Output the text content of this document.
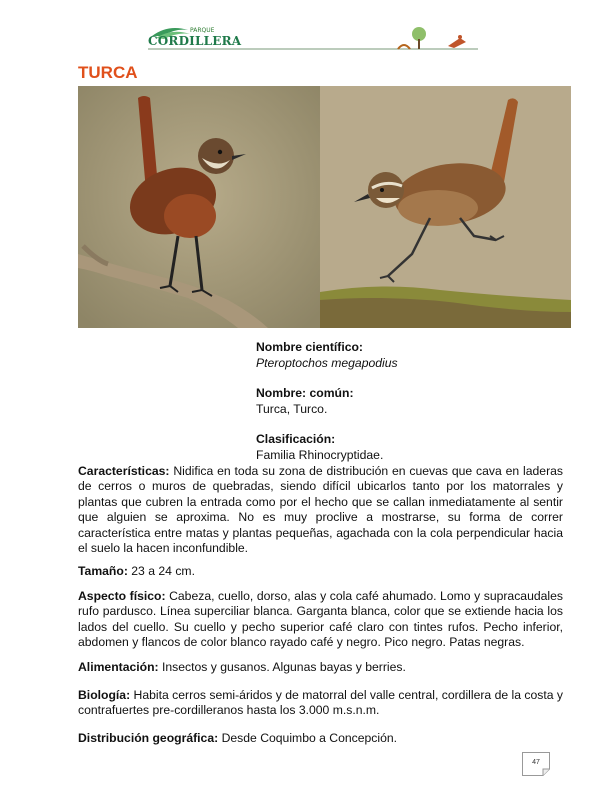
PARQUE
CORDILLERA
TURCA
Nombre científico:
Pteroptochos megapodius
Nombre: común:
Turca, Turco.
Clasificación:
Familia Rhinocryptidae.
Características: Nidifica en toda su zona de distribución en cuevas que cava en laderas de cerros o muros de quebradas, siendo difícil ubicarlos tanto por los matorrales y plantas que cubren la entrada como por el hecho que se callan inmediatamente al sentir que alguien se aproxima. No es muy proclive a mostrarse, su forma de correr característica entre matas y plantas pequeñas, agachada con la cola perpendicular hacia el suelo la hacen inconfundible.
Tamaño: 23 a 24 cm.
Aspecto físico: Cabeza, cuello, dorso, alas y cola café ahumado. Lomo y supracaudales rufo pardusco. Línea superciliar blanca. Garganta blanca, color que se extiende hacia los lados del cuello. Su cuello y pecho superior café claro con tintes rufos. Pecho inferior, abdomen y flancos de color blanco rayado café y negro. Pico negro. Patas negras.
Alimentación: Insectos y gusanos. Algunas bayas y berries.
Biología: Habita cerros semi-áridos y de matorral del valle central, cordillera de la costa y contrafuertes pre-cordilleranos hasta los 3.000 m.s.n.m.
Distribución geográfica: Desde Coquimbo a Concepción.
47
